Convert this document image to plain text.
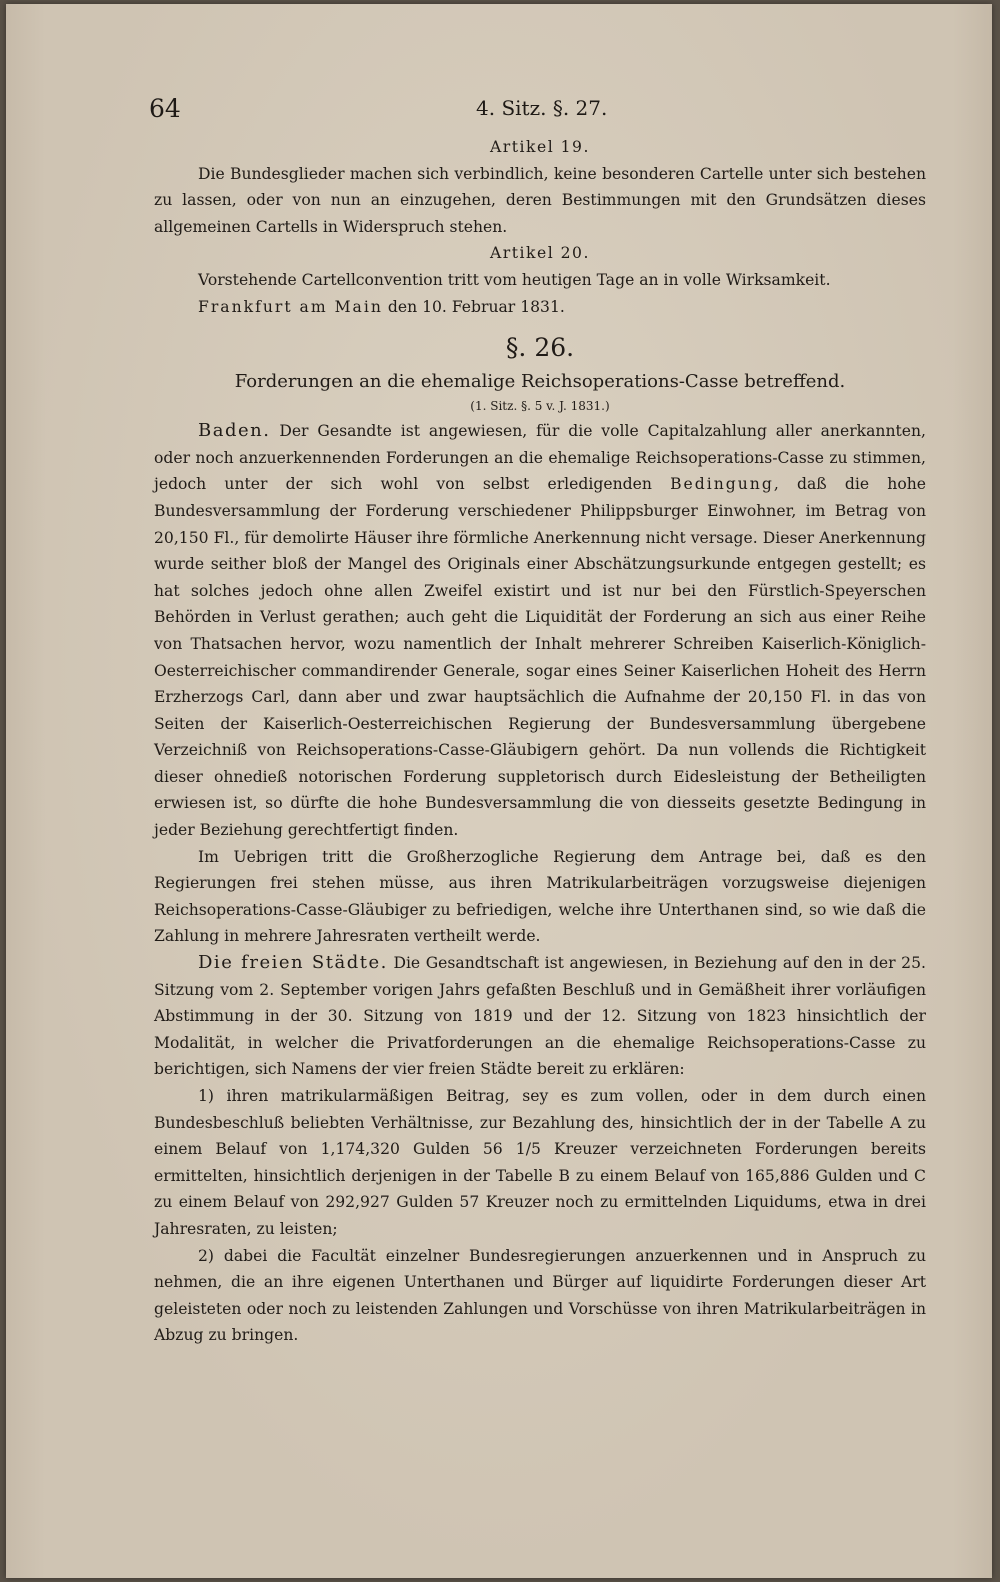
64	4. Sitz. §. 27.

Artikel 19.

Die Bundesglieder machen sich verbindlich, keine besonderen Cartelle unter sich bestehen zu lassen, oder von nun an einzugehen, deren Bestimmungen mit den Grundsätzen dieses allgemeinen Cartells in Widerspruch stehen.

Artikel 20.

Vorstehende Cartellconvention tritt vom heutigen Tage an in volle Wirksamkeit.

Frankfurt am Main den 10. Februar 1831.

§. 26.

Forderungen an die ehemalige Reichsoperations-Casse betreffend.

(1. Sitz. §. 5 v. J. 1831.)

Baden. Der Gesandte ist angewiesen, für die volle Capitalzahlung aller anerkannten, oder noch anzuerkennenden Forderungen an die ehemalige Reichsoperations-Casse zu stimmen, jedoch unter der sich wohl von selbst erledigenden Bedingung, daß die hohe Bundesversammlung der Forderung verschiedener Philippsburger Einwohner, im Betrag von 20,150 Fl., für demolirte Häuser ihre förmliche Anerkennung nicht versage. Dieser Anerkennung wurde seither bloß der Mangel des Originals einer Abschätzungsurkunde entgegen gestellt; es hat solches jedoch ohne allen Zweifel existirt und ist nur bei den Fürstlich-Speyerschen Behörden in Verlust gerathen; auch geht die Liquidität der Forderung an sich aus einer Reihe von Thatsachen hervor, wozu namentlich der Inhalt mehrerer Schreiben Kaiserlich-Königlich-Oesterreichischer commandirender Generale, sogar eines Seiner Kaiserlichen Hoheit des Herrn Erzherzogs Carl, dann aber und zwar hauptsächlich die Aufnahme der 20,150 Fl. in das von Seiten der Kaiserlich-Oesterreichischen Regierung der Bundesversammlung übergebene Verzeichniß von Reichsoperations-Casse-Gläubigern gehört. Da nun vollends die Richtigkeit dieser ohnedieß notorischen Forderung suppletorisch durch Eidesleistung der Betheiligten erwiesen ist, so dürfte die hohe Bundesversammlung die von diesseits gesetzte Bedingung in jeder Beziehung gerechtfertigt finden.

Im Uebrigen tritt die Großherzogliche Regierung dem Antrage bei, daß es den Regierungen frei stehen müsse, aus ihren Matrikularbeiträgen vorzugsweise diejenigen Reichsoperations-Casse-Gläubiger zu befriedigen, welche ihre Unterthanen sind, so wie daß die Zahlung in mehrere Jahresraten vertheilt werde.

Die freien Städte. Die Gesandtschaft ist angewiesen, in Beziehung auf den in der 25. Sitzung vom 2. September vorigen Jahrs gefaßten Beschluß und in Gemäßheit ihrer vorläufigen Abstimmung in der 30. Sitzung von 1819 und der 12. Sitzung von 1823 hinsichtlich der Modalität, in welcher die Privatforderungen an die ehemalige Reichsoperations-Casse zu berichtigen, sich Namens der vier freien Städte bereit zu erklären:

1) ihren matrikularmäßigen Beitrag, sey es zum vollen, oder in dem durch einen Bundesbeschluß beliebten Verhältnisse, zur Bezahlung des, hinsichtlich der in der Tabelle A zu einem Belauf von 1,174,320 Gulden 56 1/5 Kreuzer verzeichneten Forderungen bereits ermittelten, hinsichtlich derjenigen in der Tabelle B zu einem Belauf von 165,886 Gulden und C zu einem Belauf von 292,927 Gulden 57 Kreuzer noch zu ermittelnden Liquidums, etwa in drei Jahresraten, zu leisten;

2) dabei die Facultät einzelner Bundesregierungen anzuerkennen und in Anspruch zu nehmen, die an ihre eigenen Unterthanen und Bürger auf liquidirte Forderungen dieser Art geleisteten oder noch zu leistenden Zahlungen und Vorschüsse von ihren Matrikularbeiträgen in Abzug zu bringen.
